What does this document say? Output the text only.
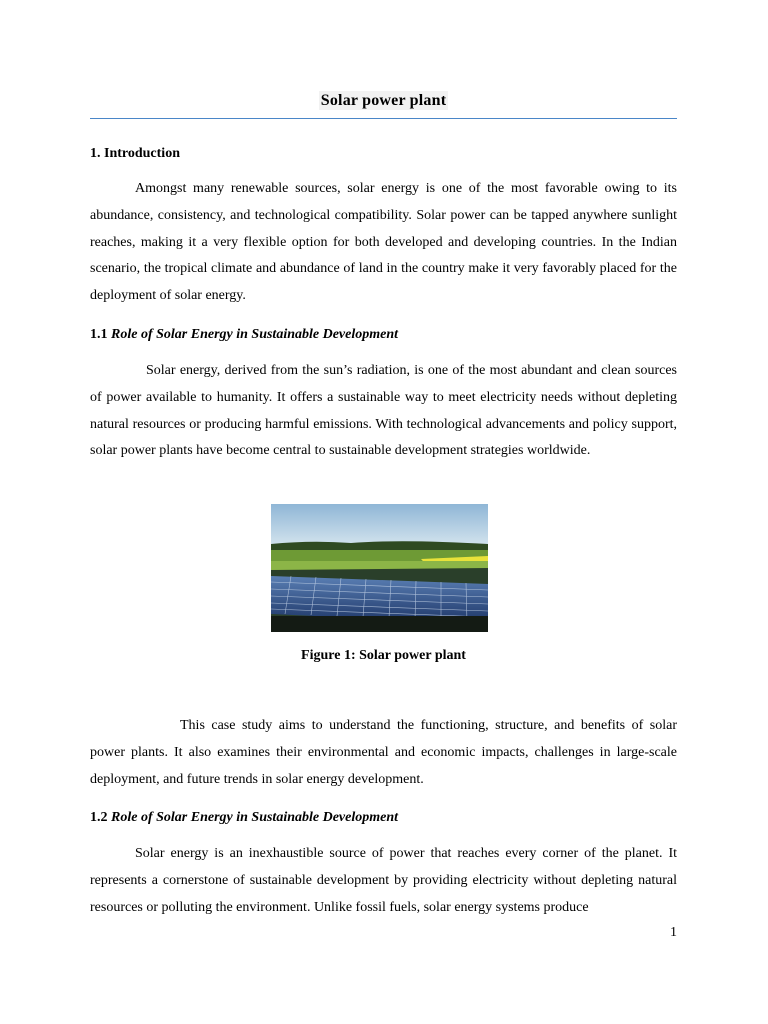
Solar power plant
1. Introduction
Amongst many renewable sources, solar energy is one of the most favorable owing to its abundance, consistency, and technological compatibility. Solar power can be tapped anywhere sunlight reaches, making it a very flexible option for both developed and developing countries. In the Indian scenario, the tropical climate and abundance of land in the country make it very favorably placed for the deployment of solar energy.
1.1 Role of Solar Energy in Sustainable Development
Solar energy, derived from the sun’s radiation, is one of the most abundant and clean sources of power available to humanity. It offers a sustainable way to meet electricity needs without depleting natural resources or producing harmful emissions. With technological advancements and policy support, solar power plants have become central to sustainable development strategies worldwide.
Figure 1: Solar power plant
This case study aims to understand the functioning, structure, and benefits of solar power plants. It also examines their environmental and economic impacts, challenges in large-scale deployment, and future trends in solar energy development.
1.2 Role of Solar Energy in Sustainable Development
Solar energy is an inexhaustible source of power that reaches every corner of the planet. It represents a cornerstone of sustainable development by providing electricity without depleting natural resources or polluting the environment. Unlike fossil fuels, solar energy systems produce
1
